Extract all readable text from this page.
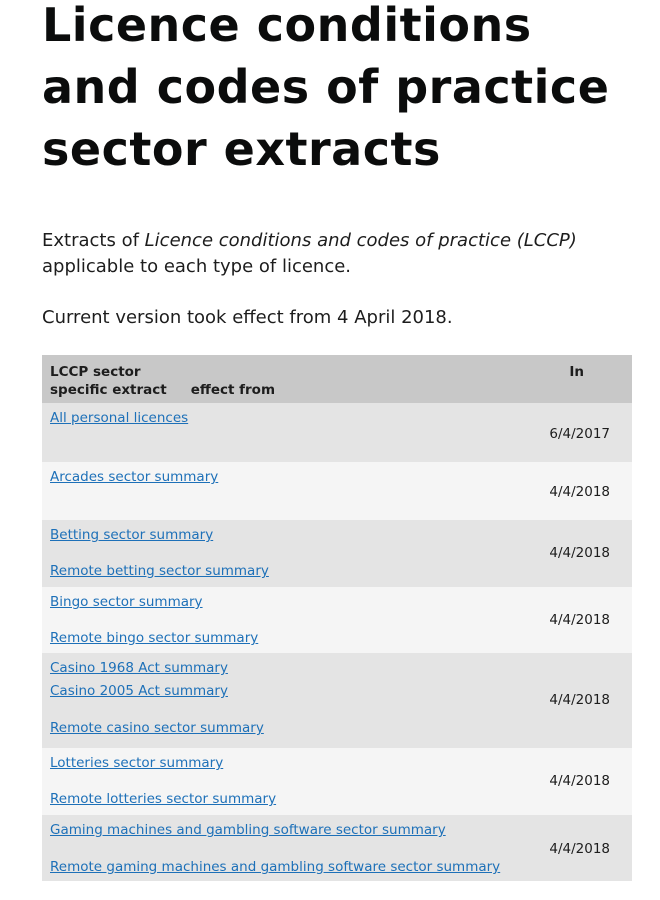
Licence conditions and codes of practice sector extracts

Extracts of Licence conditions and codes of practice (LCCP) applicable to each type of licence.

Current version took effect from 4 April 2018.

LCCP sector
specific extract effect from
In
All personal licences
6/4/2017
Arcades sector summary
4/4/2018
Betting sector summary
Remote betting sector summary
4/4/2018
Bingo sector summary
Remote bingo sector summary
4/4/2018
Casino 1968 Act summary
Casino 2005 Act summary
Remote casino sector summary
4/4/2018
Lotteries sector summary
Remote lotteries sector summary
4/4/2018
Gaming machines and gambling software sector summary
Remote gaming machines and gambling software sector summary
4/4/2018
